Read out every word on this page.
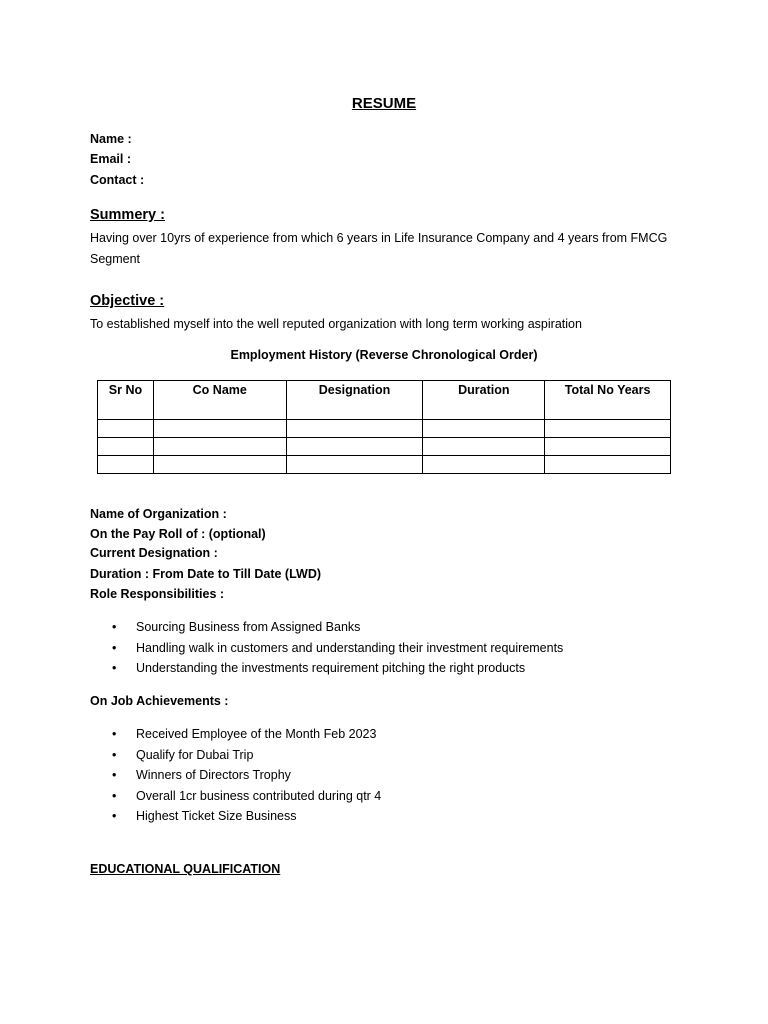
RESUME
Name :
Email :
Contact :
Summery :
Having over 10yrs of experience from which 6 years in Life Insurance Company and 4 years from FMCG Segment
Objective :
To established myself into the well reputed organization with long term working aspiration
Employment History (Reverse Chronological Order)
Sr No	Co Name	Designation	Duration	Total No Years

Name of Organization :
On the Pay Roll of : (optional)
Current Designation :
Duration : From Date to Till Date (LWD)
Role Responsibilities :
• Sourcing Business from Assigned Banks
• Handling walk in customers and understanding their investment requirements
• Understanding the investments requirement pitching the right products
On Job Achievements :
• Received Employee of the Month Feb 2023
• Qualify for Dubai Trip
• Winners of Directors Trophy
• Overall 1cr business contributed during qtr 4
• Highest Ticket Size Business
EDUCATIONAL QUALIFICATION
